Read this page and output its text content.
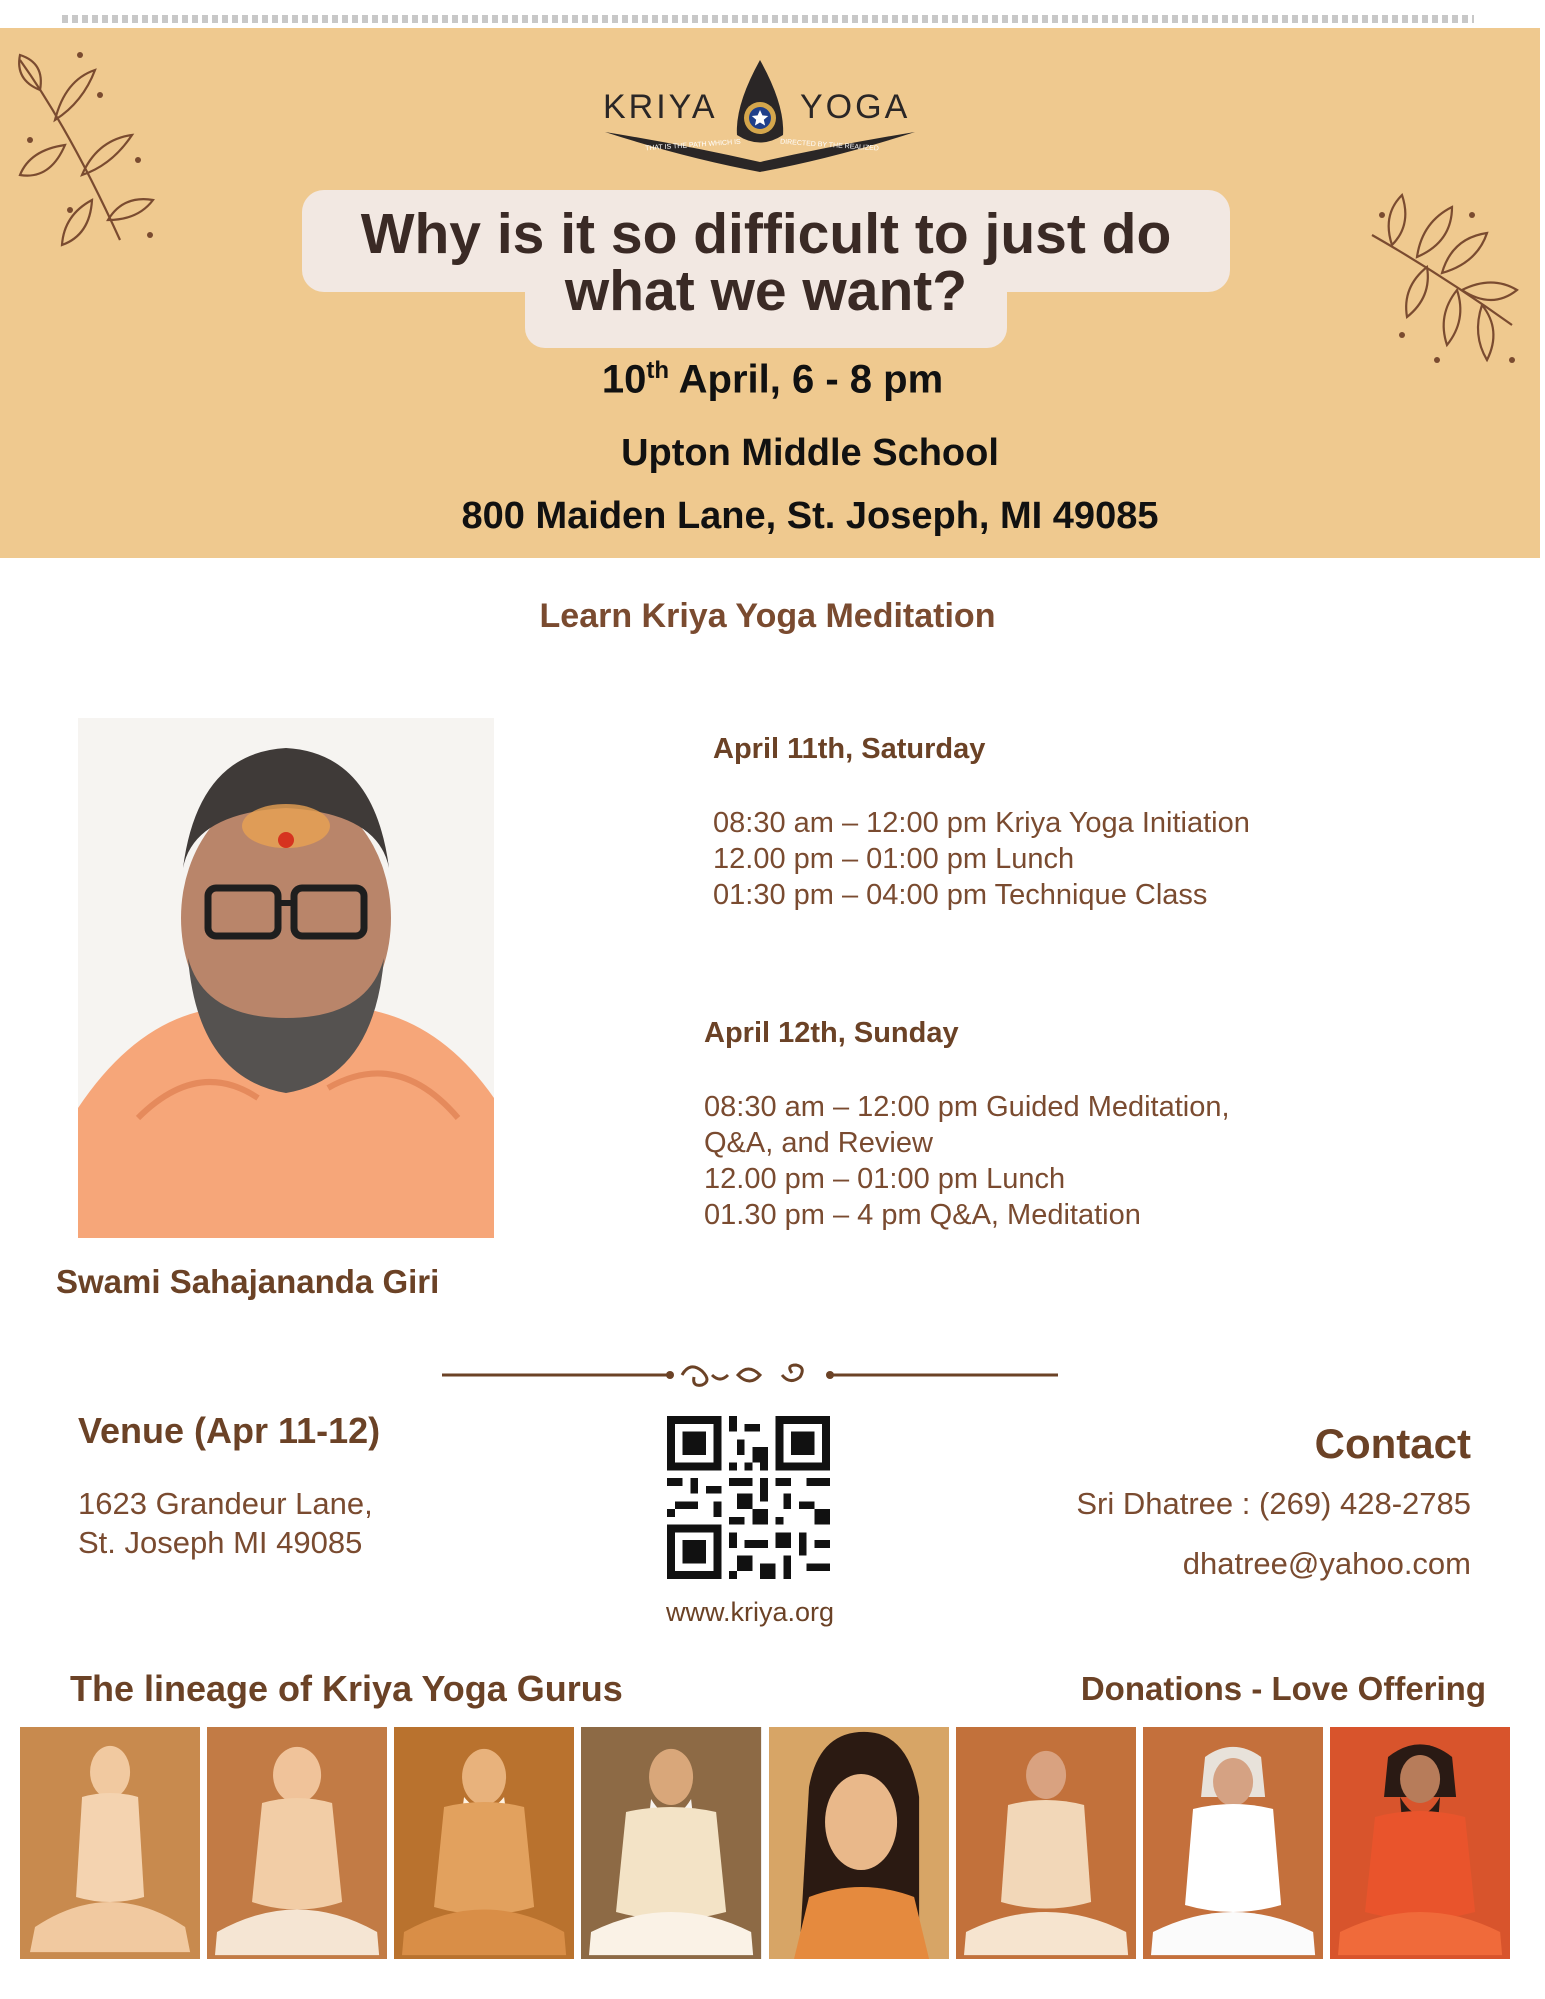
KRIYA YOGA
THAT IS THE PATH WHICH IS	DIRECTED BY THE REALIZED
Why is it so difficult to just do
what we want?
10th April, 6 - 8 pm
Upton Middle School
800 Maiden Lane, St. Joseph, MI 49085
Learn Kriya Yoga Meditation
Swami Sahajananda Giri
April 11th, Saturday
08:30 am – 12:00 pm Kriya Yoga Initiation
12.00 pm – 01:00 pm Lunch
01:30 pm – 04:00 pm Technique Class
April 12th, Sunday
08:30 am – 12:00 pm Guided Meditation,
Q&A, and Review
12.00 pm – 01:00 pm Lunch
01.30 pm – 4 pm Q&A, Meditation
Venue (Apr 11-12)
1623 Grandeur Lane,
St. Joseph MI 49085
www.kriya.org
Contact
Sri Dhatree : (269) 428-2785
dhatree@yahoo.com
The lineage of Kriya Yoga Gurus	Donations - Love Offering
